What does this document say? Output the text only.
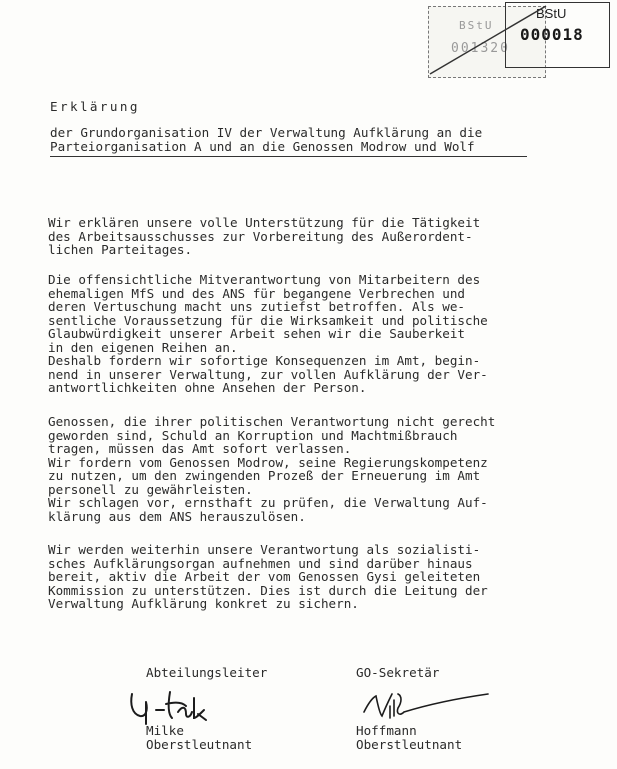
BStU
001320
BStU
000018
Erklärung
der Grundorganisation IV der Verwaltung Aufklärung an die
Parteiorganisation A und an die Genossen Modrow und Wolf
Wir erklären unsere volle Unterstützung für die Tätigkeit
des Arbeitsausschusses zur Vorbereitung des Außerordent-
lichen Parteitages.
Die offensichtliche Mitverantwortung von Mitarbeitern des
ehemaligen MfS und des ANS für begangene Verbrechen und
deren Vertuschung macht uns zutiefst betroffen. Als we-
sentliche Voraussetzung für die Wirksamkeit und politische
Glaubwürdigkeit unserer Arbeit sehen wir die Sauberkeit
in den eigenen Reihen an.
Deshalb fordern wir sofortige Konsequenzen im Amt, begin-
nend in unserer Verwaltung, zur vollen Aufklärung der Ver-
antwortlichkeiten ohne Ansehen der Person.
Genossen, die ihrer politischen Verantwortung nicht gerecht
geworden sind, Schuld an Korruption und Machtmißbrauch
tragen, müssen das Amt sofort verlassen.
Wir fordern vom Genossen Modrow, seine Regierungskompetenz
zu nutzen, um den zwingenden Prozeß der Erneuerung im Amt
personell zu gewährleisten.
Wir schlagen vor, ernsthaft zu prüfen, die Verwaltung Auf-
klärung aus dem ANS herauszulösen.
Wir werden weiterhin unsere Verantwortung als sozialisti-
sches Aufklärungsorgan aufnehmen und sind darüber hinaus
bereit, aktiv die Arbeit der vom Genossen Gysi geleiteten
Kommission zu unterstützen. Dies ist durch die Leitung der
Verwaltung Aufklärung konkret zu sichern.
Abteilungsleiter	GO-Sekretär
Milke
Oberstleutnant
Hoffmann
Oberstleutnant
